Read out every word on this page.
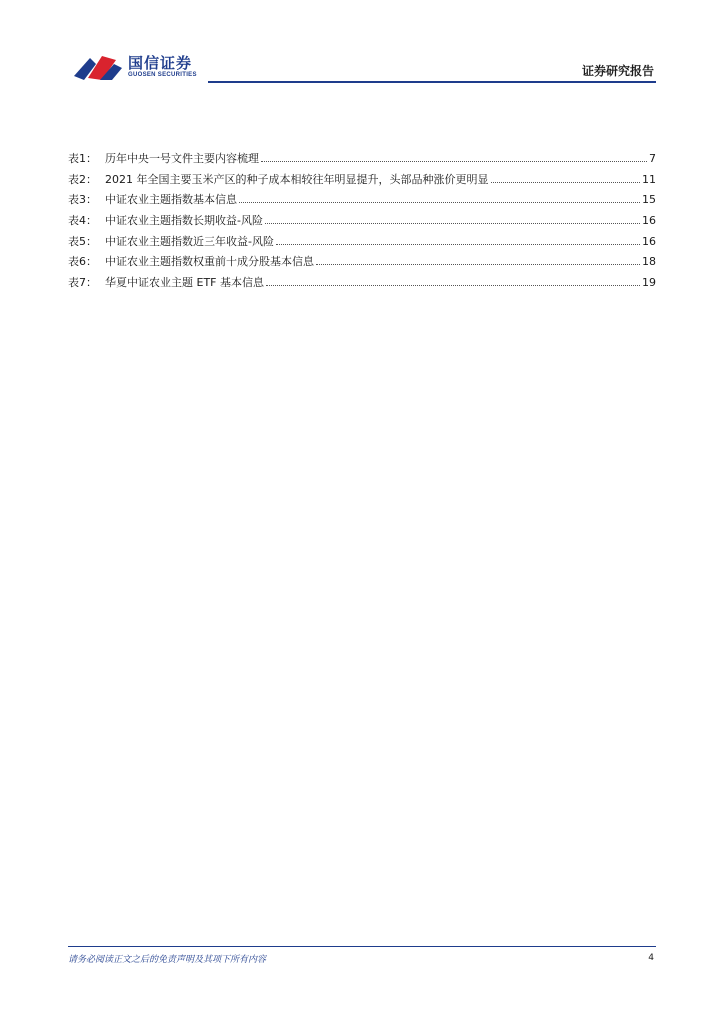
国信证券
GUOSEN SECURITIES	证券研究报告
表1： 历年中央一号文件主要内容梳理	7
表2： 2021 年全国主要玉米产区的种子成本相较往年明显提升，头部品种涨价更明显	11
表3： 中证农业主题指数基本信息	15
表4： 中证农业主题指数长期收益-风险	16
表5： 中证农业主题指数近三年收益-风险	16
表6： 中证农业主题指数权重前十成分股基本信息	18
表7： 华夏中证农业主题 ETF 基本信息	19
请务必阅读正文之后的免责声明及其项下所有内容	4
